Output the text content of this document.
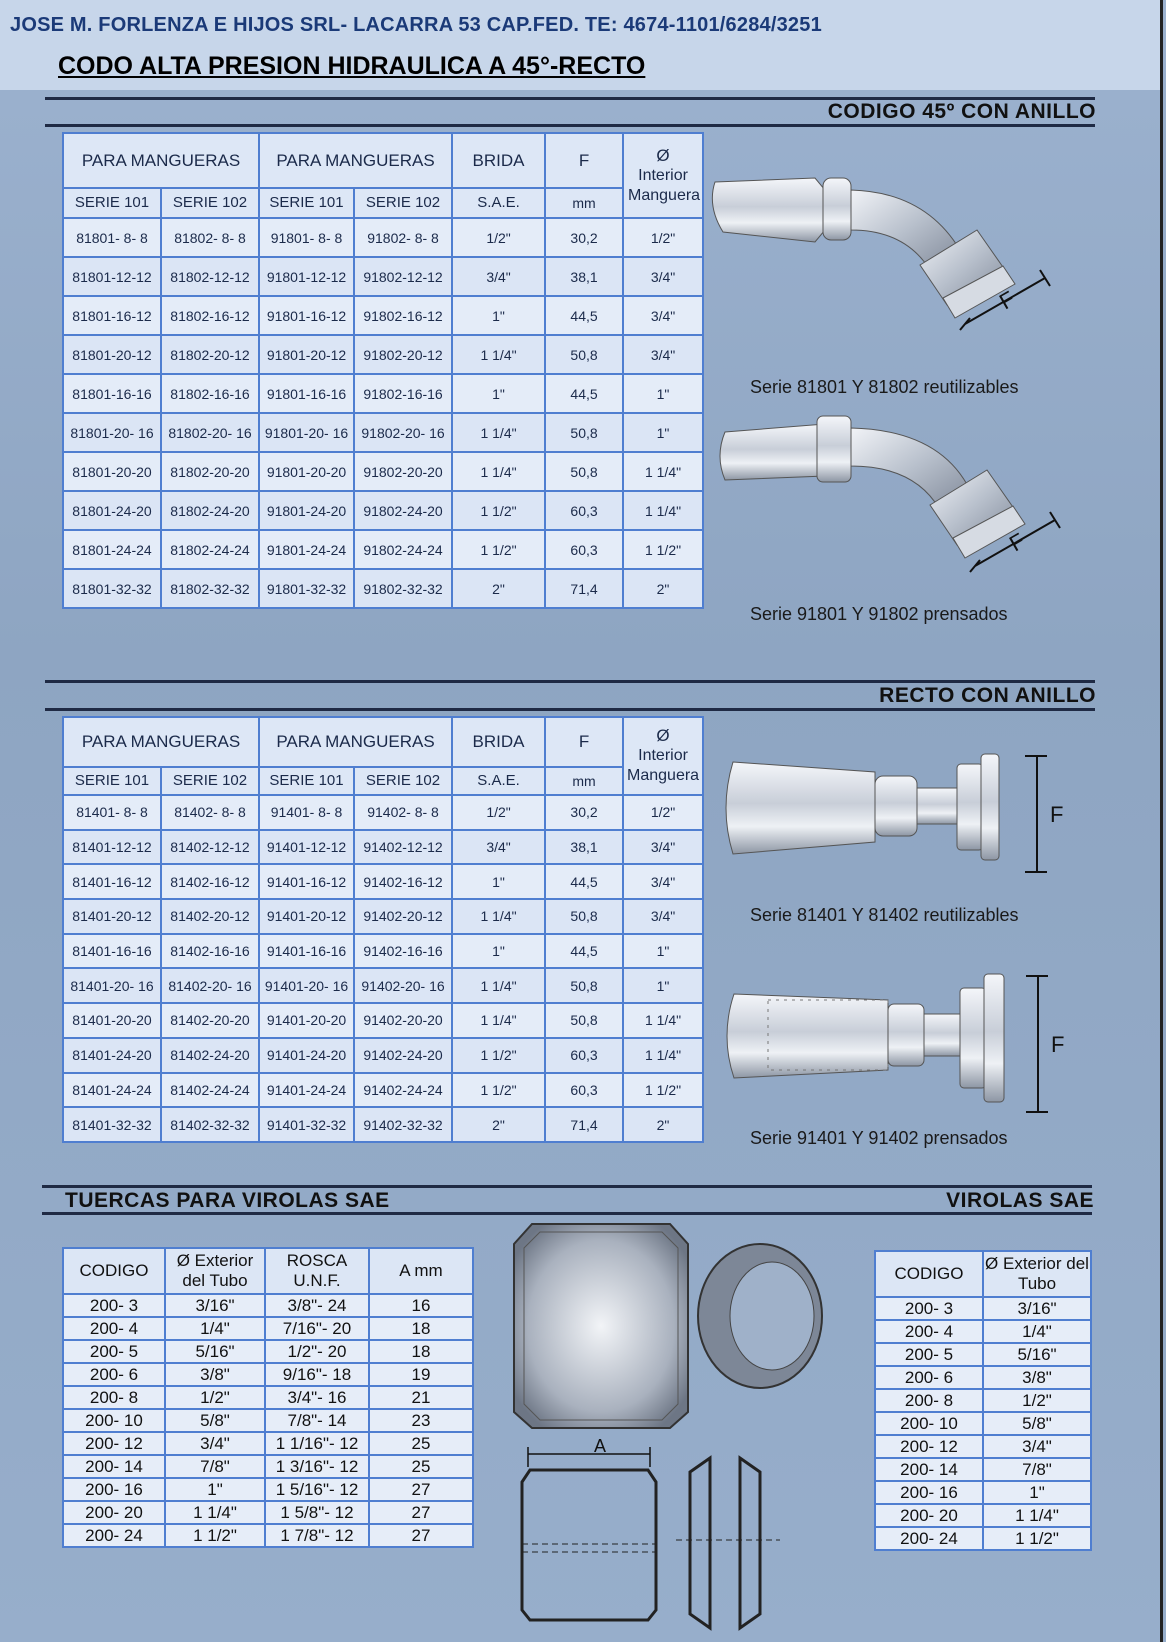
JOSE M. FORLENZA E HIJOS SRL- LACARRA 53 CAP.FED. TE: 4674-1101/6284/3251
CODO ALTA PRESION HIDRAULICA A 45°-RECTO
CODIGO 45º CON ANILLO
PARA MANGUERAS		PARA MANGUERAS		BRIDA	F	Ø
Interior Manguera
SERIE 101	SERIE 102	SERIE 101	SERIE 102	S.A.E.	mm	
81801- 8- 8	81802- 8- 8	91801- 8- 8	91802- 8- 8	1/2"	30,2	1/2"
81801-12-12	81802-12-12	91801-12-12	91802-12-12	3/4"	38,1	3/4"
81801-16-12	81802-16-12	91801-16-12	91802-16-12	1"	44,5	3/4"
81801-20-12	81802-20-12	91801-20-12	91802-20-12	1 1/4"	50,8	3/4"
81801-16-16	81802-16-16	91801-16-16	91802-16-16	1"	44,5	1"
81801-20- 16	81802-20- 16	91801-20- 16	91802-20- 16	1 1/4"	50,8	1"
81801-20-20	81802-20-20	91801-20-20	91802-20-20	1 1/4"	50,8	1 1/4"
81801-24-20	81802-24-20	91801-24-20	91802-24-20	1 1/2"	60,3	1 1/4"
81801-24-24	81802-24-24	91801-24-24	91802-24-24	1 1/2"	60,3	1 1/2"
81801-32-32	81802-32-32	91801-32-32	91802-32-32	2"	71,4	2"
F
Serie 81801 Y 81802 reutilizables
F
Serie 91801 Y 91802 prensados
RECTO CON ANILLO
PARA MANGUERAS		PARA MANGUERAS		BRIDA	F	Ø
Interior Manguera
SERIE 101	SERIE 102	SERIE 101	SERIE 102	S.A.E.	mm	
81401- 8- 8	81402- 8- 8	91401- 8- 8	91402- 8- 8	1/2"	30,2	1/2"
81401-12-12	81402-12-12	91401-12-12	91402-12-12	3/4"	38,1	3/4"
81401-16-12	81402-16-12	91401-16-12	91402-16-12	1"	44,5	3/4"
81401-20-12	81402-20-12	91401-20-12	91402-20-12	1 1/4"	50,8	3/4"
81401-16-16	81402-16-16	91401-16-16	91402-16-16	1"	44,5	1"
81401-20- 16	81402-20- 16	91401-20- 16	91402-20- 16	1 1/4"	50,8	1"
81401-20-20	81402-20-20	91401-20-20	91402-20-20	1 1/4"	50,8	1 1/4"
81401-24-20	81402-24-20	91401-24-20	91402-24-20	1 1/2"	60,3	1 1/4"
81401-24-24	81402-24-24	91401-24-24	91402-24-24	1 1/2"	60,3	1 1/2"
81401-32-32	81402-32-32	91401-32-32	91402-32-32	2"	71,4	2"
F
Serie 81401 Y 81402 reutilizables
F
Serie 91401 Y 91402 prensados
TUERCAS PARA VIROLAS SAE	VIROLAS SAE
CODIGO	Ø Exterior del Tubo	ROSCA U.N.F.	A mm
200- 3	3/16"	3/8"- 24	16
200- 4	1/4"	7/16"- 20	18
200- 5	5/16"	1/2"- 20	18
200- 6	3/8"	9/16"- 18	19
200- 8	1/2"	3/4"- 16	21
200- 10	5/8"	7/8"- 14	23
200- 12	3/4"	1 1/16"- 12	25
200- 14	7/8"	1 3/16"- 12	25
200- 16	1"	1 5/16"- 12	27
200- 20	1 1/4"	1 5/8"- 12	27
200- 24	1 1/2"	1 7/8"- 12	27
A
CODIGO	Ø Exterior del Tubo
200- 3	3/16"
200- 4	1/4"
200- 5	5/16"
200- 6	3/8"
200- 8	1/2"
200- 10	5/8"
200- 12	3/4"
200- 14	7/8"
200- 16	1"
200- 20	1 1/4"
200- 24	1 1/2"
